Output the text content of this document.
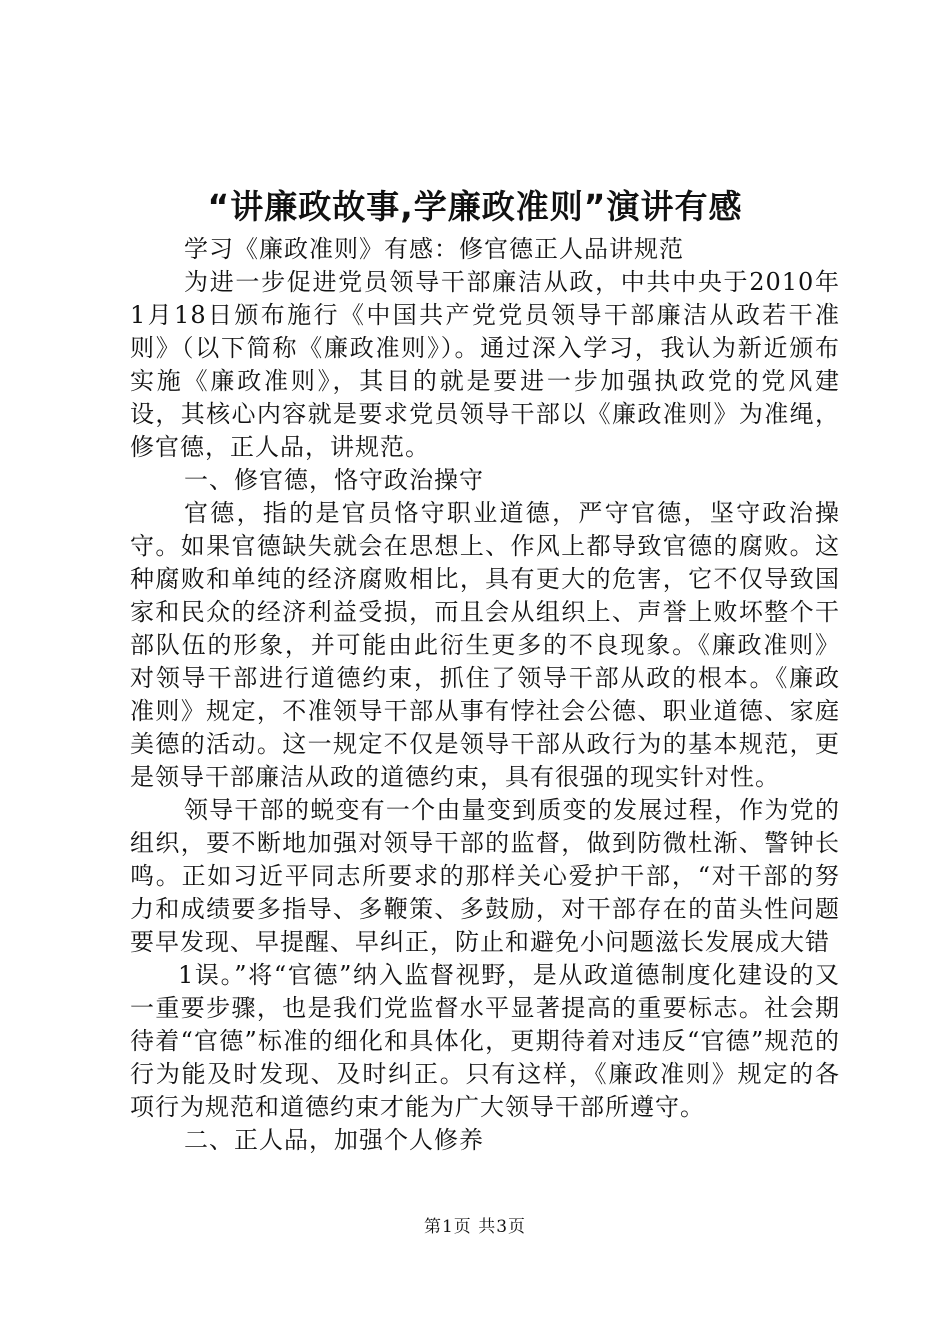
“讲廉政故事,学廉政准则”演讲有感

学习《廉政准则》有感：修官德正人品讲规范

为进一步促进党员领导干部廉洁从政，中共中央于2010年1月18日颁布施行《中国共产党党员领导干部廉洁从政若干准则》（以下简称《廉政准则》）。通过深入学习，我认为新近颁布实施《廉政准则》，其目的就是要进一步加强执政党的党风建设，其核心内容就是要求党员领导干部以《廉政准则》为准绳，修官德，正人品，讲规范。

一、修官德，恪守政治操守

官德，指的是官员恪守职业道德，严守官德，坚守政治操守。如果官德缺失就会在思想上、作风上都导致官德的腐败。这种腐败和单纯的经济腐败相比，具有更大的危害，它不仅导致国家和民众的经济利益受损，而且会从组织上、声誉上败坏整个干部队伍的形象，并可能由此衍生更多的不良现象。《廉政准则》对领导干部进行道德约束，抓住了领导干部从政的根本。《廉政准则》规定，不准领导干部从事有悖社会公德、职业道德、家庭美德的活动。这一规定不仅是领导干部从政行为的基本规范，更是领导干部廉洁从政的道德约束，具有很强的现实针对性。

领导干部的蜕变有一个由量变到质变的发展过程，作为党的组织，要不断地加强对领导干部的监督，做到防微杜渐、警钟长鸣。正如习近平同志所要求的那样关心爱护干部，“对干部的努力和成绩要多指导、多鞭策、多鼓励，对干部存在的苗头性问题要早发现、早提醒、早纠正，防止和避免小问题滋长发展成大错

1误。”将“官德”纳入监督视野，是从政道德制度化建设的又一重要步骤，也是我们党监督水平显著提高的重要标志。社会期待着“官德”标准的细化和具体化，更期待着对违反“官德”规范的行为能及时发现、及时纠正。只有这样，《廉政准则》规定的各项行为规范和道德约束才能为广大领导干部所遵守。

二、正人品，加强个人修养

第1页 共3页
